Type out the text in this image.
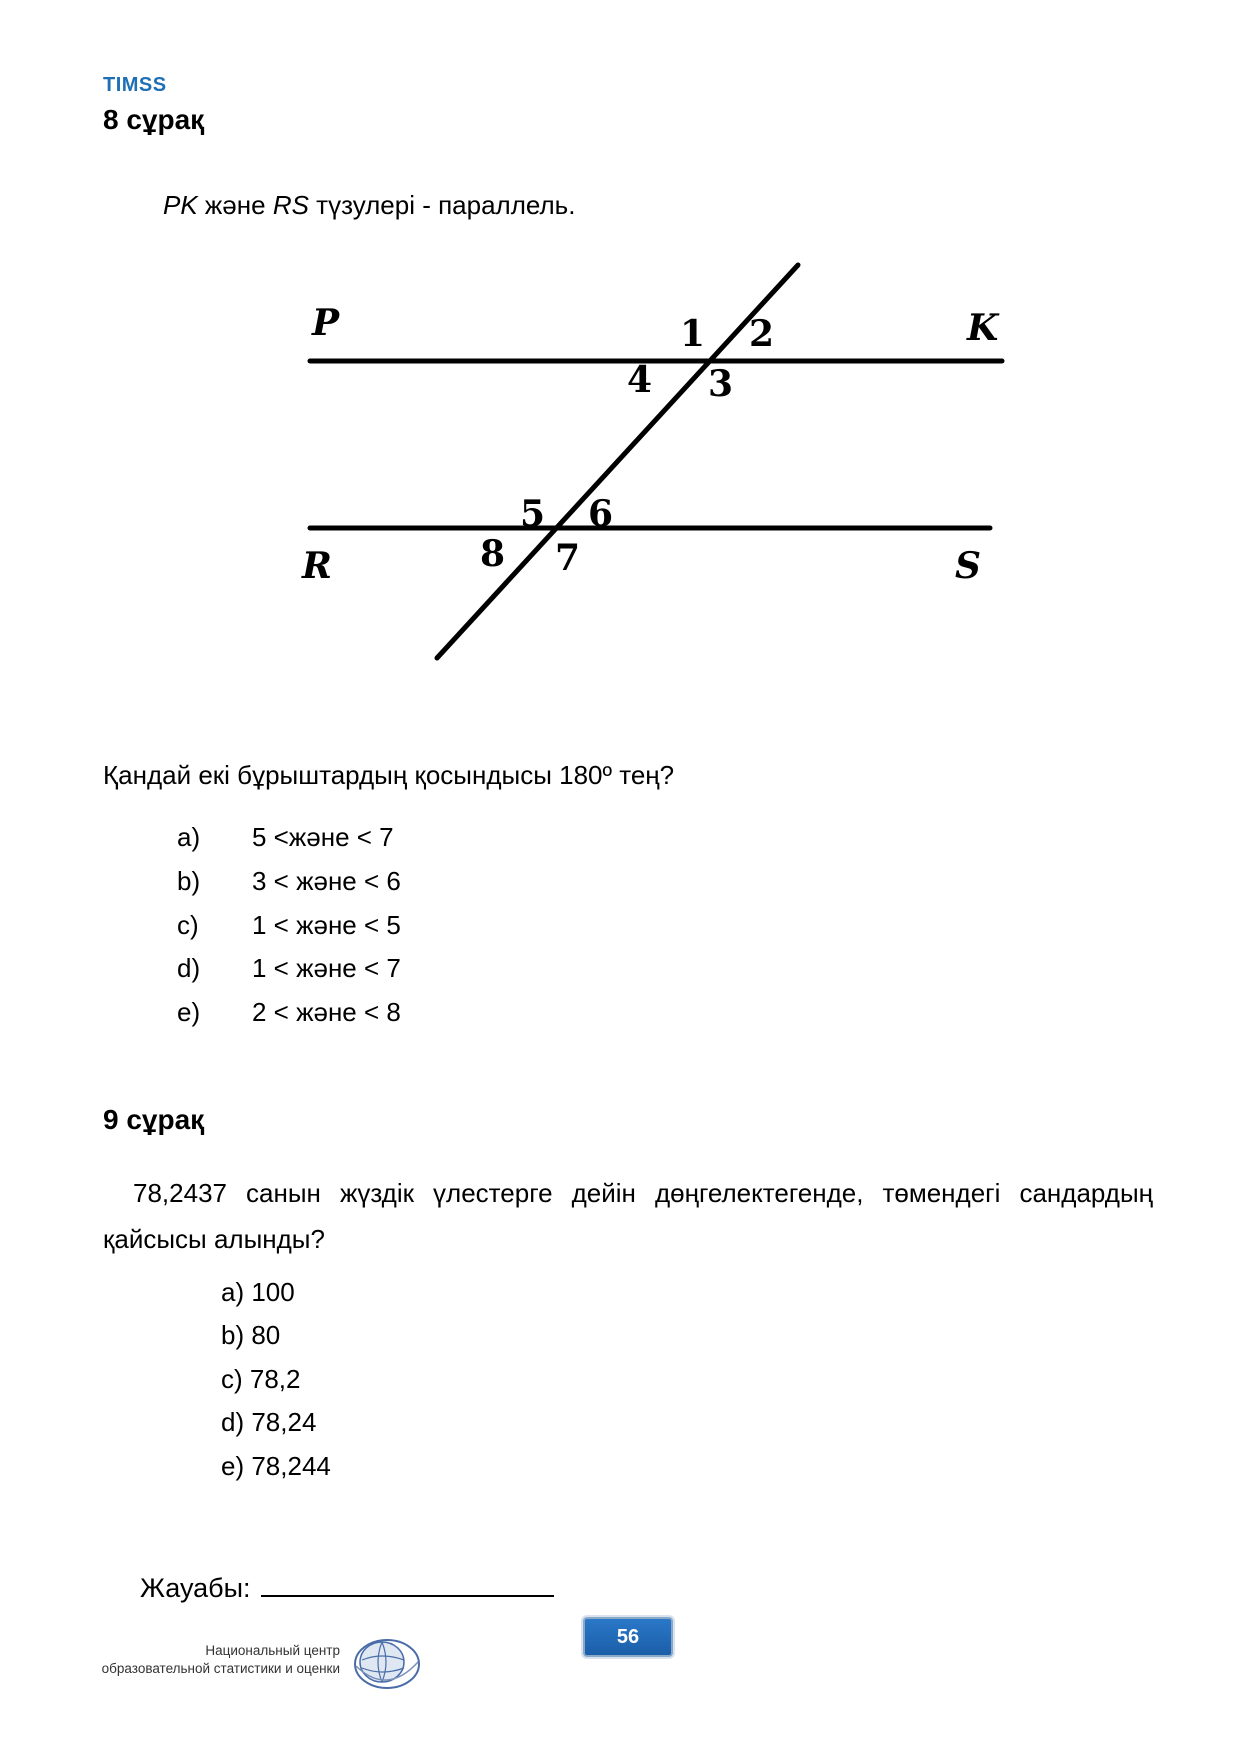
TIMSS
8 сұрақ
PK және RS түзулері - параллель.
P	K
R	S
1 2
3
4
5 6
7
8
Қандай екі бұрыштардың қосындысы 180º тең?
a) 5 <және < 7
b) 3 < және < 6
c) 1 < және < 5
d) 1 < және < 7
e) 2 < және < 8
9 сұрақ
78,2437 санын жүздік үлестерге дейін дөңгелектегенде, төмендегі сандардың қайсысы алынды?
a) 100
b) 80
c) 78,2
d) 78,24
e) 78,244
Жауабы:
56
Национальный центр
образовательной статистики и оценки
